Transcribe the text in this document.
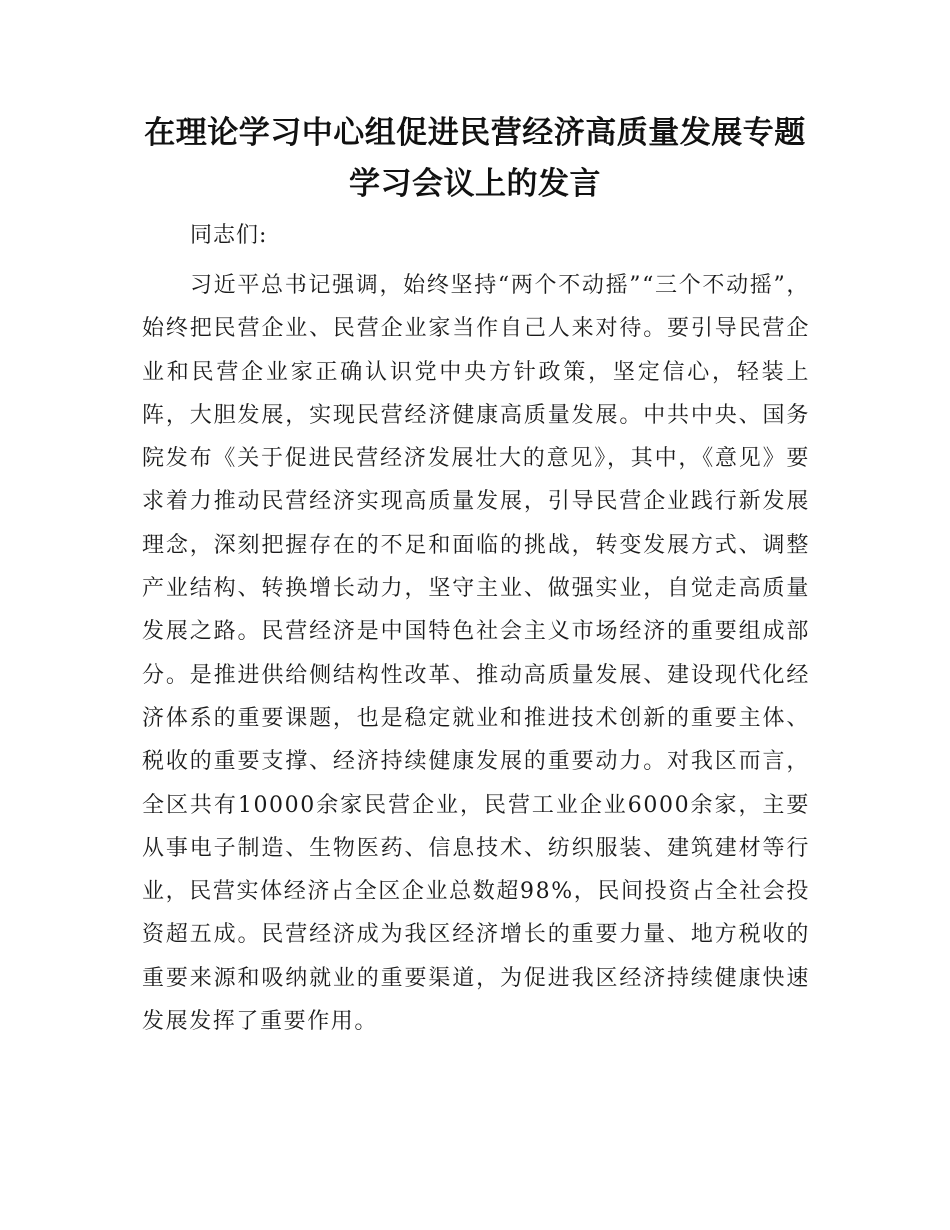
在理论学习中心组促进民营经济高质量发展专题学习会议上的发言

同志们:

习近平总书记强调，始终坚持“两个不动摇”“三个不动摇”，始终把民营企业、民营企业家当作自己人来对待。要引导民营企业和民营企业家正确认识党中央方针政策，坚定信心，轻装上阵，大胆发展，实现民营经济健康高质量发展。中共中央、国务院发布《关于促进民营经济发展壮大的意见》，其中，《意见》要求着力推动民营经济实现高质量发展，引导民营企业践行新发展理念，深刻把握存在的不足和面临的挑战，转变发展方式、调整产业结构、转换增长动力，坚守主业、做强实业，自觉走高质量发展之路。民营经济是中国特色社会主义市场经济的重要组成部分。是推进供给侧结构性改革、推动高质量发展、建设现代化经济体系的重要课题，也是稳定就业和推进技术创新的重要主体、税收的重要支撑、经济持续健康发展的重要动力。对我区而言，全区共有10000余家民营企业，民营工业企业6000余家，主要从事电子制造、生物医药、信息技术、纺织服装、建筑建材等行业，民营实体经济占全区企业总数超98%，民间投资占全社会投资超五成。民营经济成为我区经济增长的重要力量、地方税收的重要来源和吸纳就业的重要渠道，为促进我区经济持续健康快速发展发挥了重要作用。
